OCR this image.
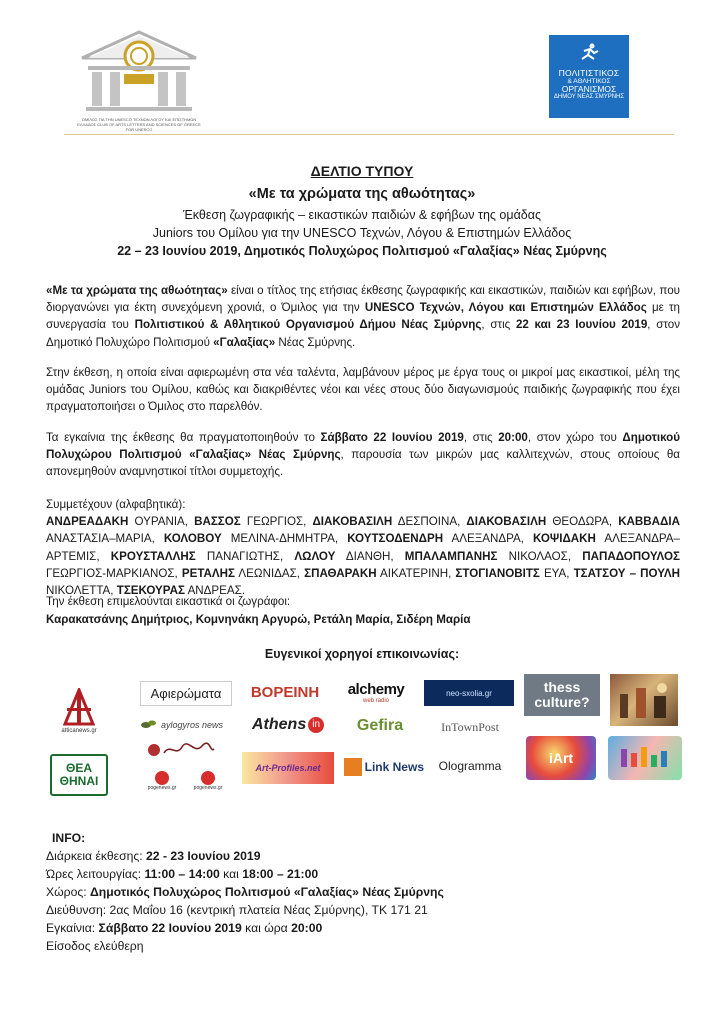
ΟΜΙΛΟΣ ΓΙΑ ΤΗΝ UNESCO ΤΕΧΝΩΝ ΛΟΓΟΥ ΚΑΙ ΕΠΙΣΤΗΜΩΝ ΕΛΛΑΔΟΣ CLUB OF ARTS LETTERS AND SCIENCES OF GREECE FOR UNESCO
ΠΟΛΙΤΙΣΤΙΚΟΣ
& ΑΘΛΗΤΙΚΟΣ
ΟΡΓΑΝΙΣΜΟΣ
ΔΗΜΟΥ ΝΕΑΣ ΣΜΥΡΝΗΣ
ΔΕΛΤΙΟ ΤΥΠΟΥ
«Με τα χρώματα της αθωότητας»
Έκθεση ζωγραφικής – εικαστικών παιδιών & εφήβων της ομάδας
Juniors του Ομίλου για την UNESCO Τεχνών, Λόγου & Επιστημών Ελλάδος
22 – 23 Ιουνίου 2019, Δημοτικός Πολυχώρος Πολιτισμού «Γαλαξίας» Νέας Σμύρνης
«Με τα χρώματα της αθωότητας» είναι ο τίτλος της ετήσιας έκθεσης ζωγραφικής και εικαστικών, παιδιών και εφήβων, που διοργανώνει για έκτη συνεχόμενη χρονιά, ο Όμιλος για την UNESCO Τεχνών, Λόγου και Επιστημών Ελλάδος με τη συνεργασία του Πολιτιστικού & Αθλητικού Οργανισμού Δήμου Νέας Σμύρνης, στις 22 και 23 Ιουνίου 2019, στον Δημοτικό Πολυχώρο Πολιτισμού «Γαλαξίας» Νέας Σμύρνης.
Στην έκθεση, η οποία είναι αφιερωμένη στα νέα ταλέντα, λαμβάνουν μέρος με έργα τους οι μικροί μας εικαστικοί, μέλη της ομάδας Juniors του Ομίλου, καθώς και διακριθέντες νέοι και νέες στους δύο διαγωνισμούς παιδικής ζωγραφικής που έχει πραγματοποιήσει ο Όμιλος στο παρελθόν.
Τα εγκαίνια της έκθεσης θα πραγματοποιηθούν το Σάββατο 22 Ιουνίου 2019, στις 20:00, στον χώρο του Δημοτικού Πολυχώρου Πολιτισμού «Γαλαξίας» Νέας Σμύρνης, παρουσία των μικρών μας καλλιτεχνών, στους οποίους θα απονεμηθούν αναμνηστικοί τίτλοι συμμετοχής.
Συμμετέχουν (αλφαβητικά):
ΑΝΔΡΕΑΔΑΚΗ ΟΥΡΑΝΙΑ, ΒΑΣΣΟΣ ΓΕΩΡΓΙΟΣ, ΔΙΑΚΟΒΑΣΙΛΗ ΔΕΣΠΟΙΝΑ, ΔΙΑΚΟΒΑΣΙΛΗ ΘΕΟΔΩΡΑ, ΚΑΒΒΑΔΙΑ ΑΝΑΣΤΑΣΙΑ–ΜΑΡΙΑ, ΚΟΛΟΒΟΥ ΜΕΛΙΝΑ-ΔΗΜΗΤΡΑ, ΚΟΥΤΣΟΔΕΝΔΡΗ ΑΛΕΞΑΝΔΡΑ, ΚΟΨΙΔΑΚΗ ΑΛΕΞΑΝΔΡΑ–ΑΡΤΕΜΙΣ, ΚΡΟΥΣΤΑΛΛΗΣ ΠΑΝΑΓΙΩΤΗΣ, ΛΩΛΟΥ ΔΙΑΝΘΗ, ΜΠΑΛΑΜΠΑΝΗΣ ΝΙΚΟΛΑΟΣ, ΠΑΠΑΔΟΠΟΥΛΟΣ ΓΕΩΡΓΙΟΣ-ΜΑΡΚΙΑΝΟΣ, ΡΕΤΑΛΗΣ ΛΕΩΝΙΔΑΣ, ΣΠΑΘΑΡΑΚΗ ΑΙΚΑΤΕΡΙΝΗ, ΣΤΟΓΙΑΝΟΒΙΤΣ ΕΥΑ, ΤΣΑΤΣΟΥ – ΠΟΥΛΗ ΝΙΚΟΛΕΤΤΑ, ΤΣΕΚΟΥΡΑΣ ΑΝΔΡΕΑΣ.
Την έκθεση επιμελούνται εικαστικά οι ζωγράφοι:
Καρακατσάνης Δημήτριος, Κομνηνάκη Αργυρώ, Ρετάλη Μαρία, Σιδέρη Μαρία
Ευγενικοί χορηγοί επικοινωνίας:
atticanews.gr
Αφιερώματα ΒΟΡΕΙΝΗ alchemy
web radio
neo-sxolia.gr	thess culture?
aylogyros news Athens in Gefira	InTownPost
ΘΕΑ ΘΗΝΑΙ	pogenews.gr	pogenews.gr
Art-Profiles.net	Link News Ologramma	iArt
INFO:
Διάρκεια έκθεσης: 22 - 23 Ιουνίου 2019
Ώρες λειτουργίας: 11:00 – 14:00 και 18:00 – 21:00
Χώρος: Δημοτικός Πολυχώρος Πολιτισμού «Γαλαξίας» Νέας Σμύρνης
Διεύθυνση: 2ας Μαΐου 16 (κεντρική πλατεία Νέας Σμύρνης), ΤΚ 171 21
Εγκαίνια: Σάββατο 22 Ιουνίου 2019 και ώρα 20:00
Είσοδος ελεύθερη
